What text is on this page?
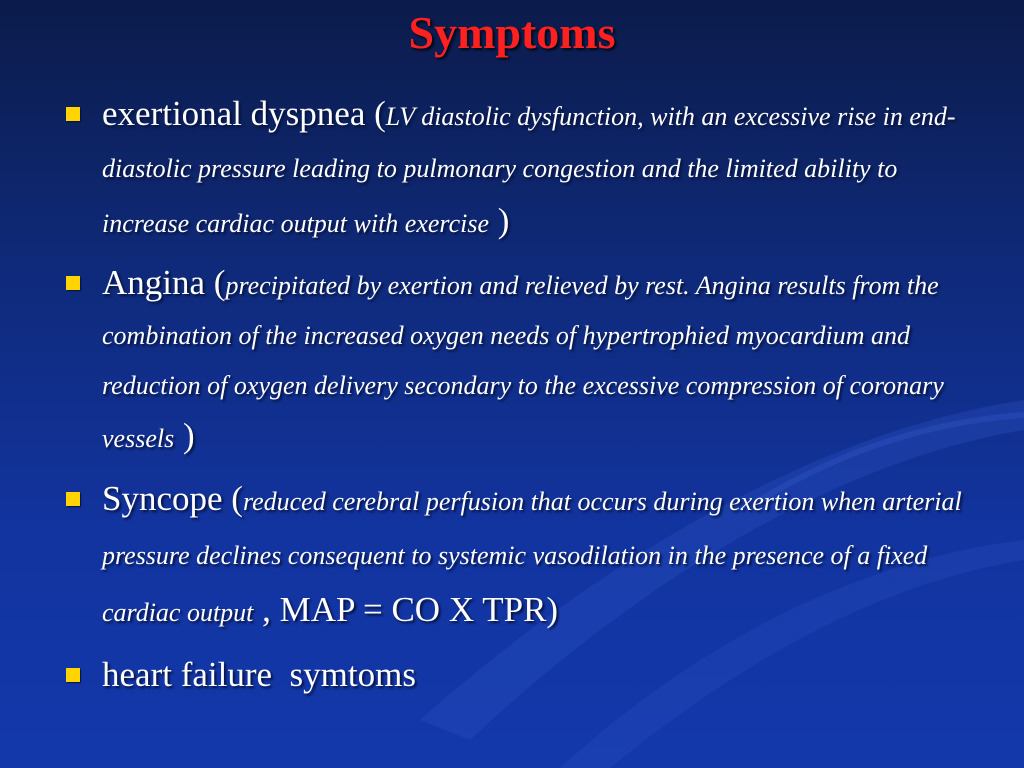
Symptoms
exertional dyspnea (LV diastolic dysfunction, with an excessive rise in end-diastolic pressure leading to pulmonary congestion and the limited ability to increase cardiac output with exercise )
Angina (precipitated by exertion and relieved by rest. Angina results from the combination of the increased oxygen needs of hypertrophied myocardium and reduction of oxygen delivery secondary to the excessive compression of coronary vessels )
Syncope (reduced cerebral perfusion that occurs during exertion when arterial pressure declines consequent to systemic vasodilation in the presence of a fixed cardiac output , MAP = CO X TPR)
heart failure  symtoms
